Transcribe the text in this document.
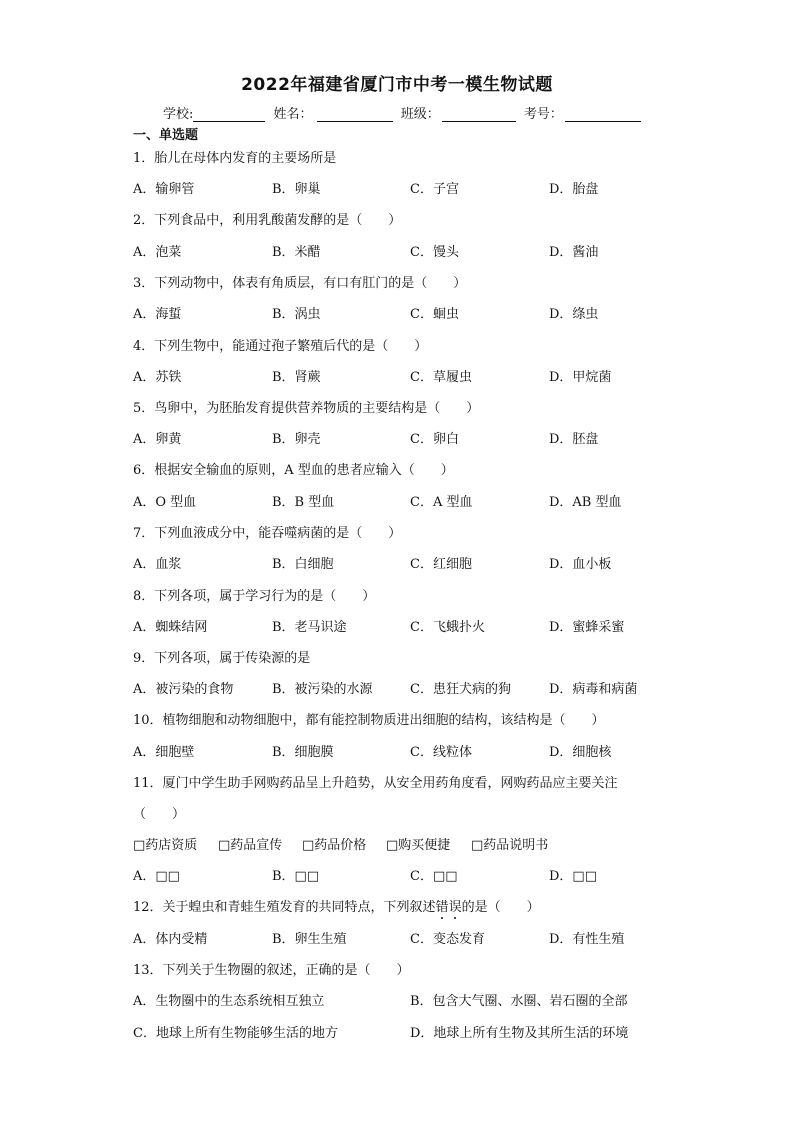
2022年福建省厦门市中考一模生物试题
学校:	姓名：	班级：	考号：
一、单选题
1．胎儿在母体内发育的主要场所是
A．输卵管	B．卵巢	C．子宫	D．胎盘
2．下列食品中，利用乳酸菌发酵的是（　　）
A．泡菜	B．米醋	C．馒头	D．酱油
3．下列动物中，体表有角质层，有口有肛门的是（　　）
A．海蜇	B．涡虫	C．蛔虫	D．绦虫
4．下列生物中，能通过孢子繁殖后代的是（　　）
A．苏铁	B．肾蕨	C．草履虫	D．甲烷菌
5．鸟卵中，为胚胎发育提供营养物质的主要结构是（　　）
A．卵黄	B．卵壳	C．卵白	D．胚盘
6．根据安全输血的原则，A 型血的患者应输入（　　）
A．O 型血	B．B 型血	C．A 型血	D．AB 型血
7．下列血液成分中，能吞噬病菌的是（　　）
A．血浆	B．白细胞	C．红细胞	D．血小板
8．下列各项，属于学习行为的是（　　）
A．蜘蛛结网	B．老马识途	C．飞蛾扑火	D．蜜蜂采蜜
9．下列各项，属于传染源的是
A．被污染的食物	B．被污染的水源	C．患狂犬病的狗	D．病毒和病菌
10．植物细胞和动物细胞中，都有能控制物质进出细胞的结构，该结构是（　　）
A．细胞壁	B．细胞膜	C．线粒体	D．细胞核
11．厦门中学生助手网购药品呈上升趋势，从安全用药角度看，网购药品应主要关注
（　　）
□药店资质 □药品宣传 □药品价格 □购买便捷 □药品说明书
A．□□	B．□□	C．□□	D．□□
12．关于蝗虫和青蛙生殖发育的共同特点，下列叙述错误的是（　　）
A．体内受精	B．卵生生殖	C．变态发育	D．有性生殖
13．下列关于生物圈的叙述，正确的是（　　）
A．生物圈中的生态系统相互独立	B．包含大气圈、水圈、岩石圈的全部
C．地球上所有生物能够生活的地方	D．地球上所有生物及其所生活的环境
